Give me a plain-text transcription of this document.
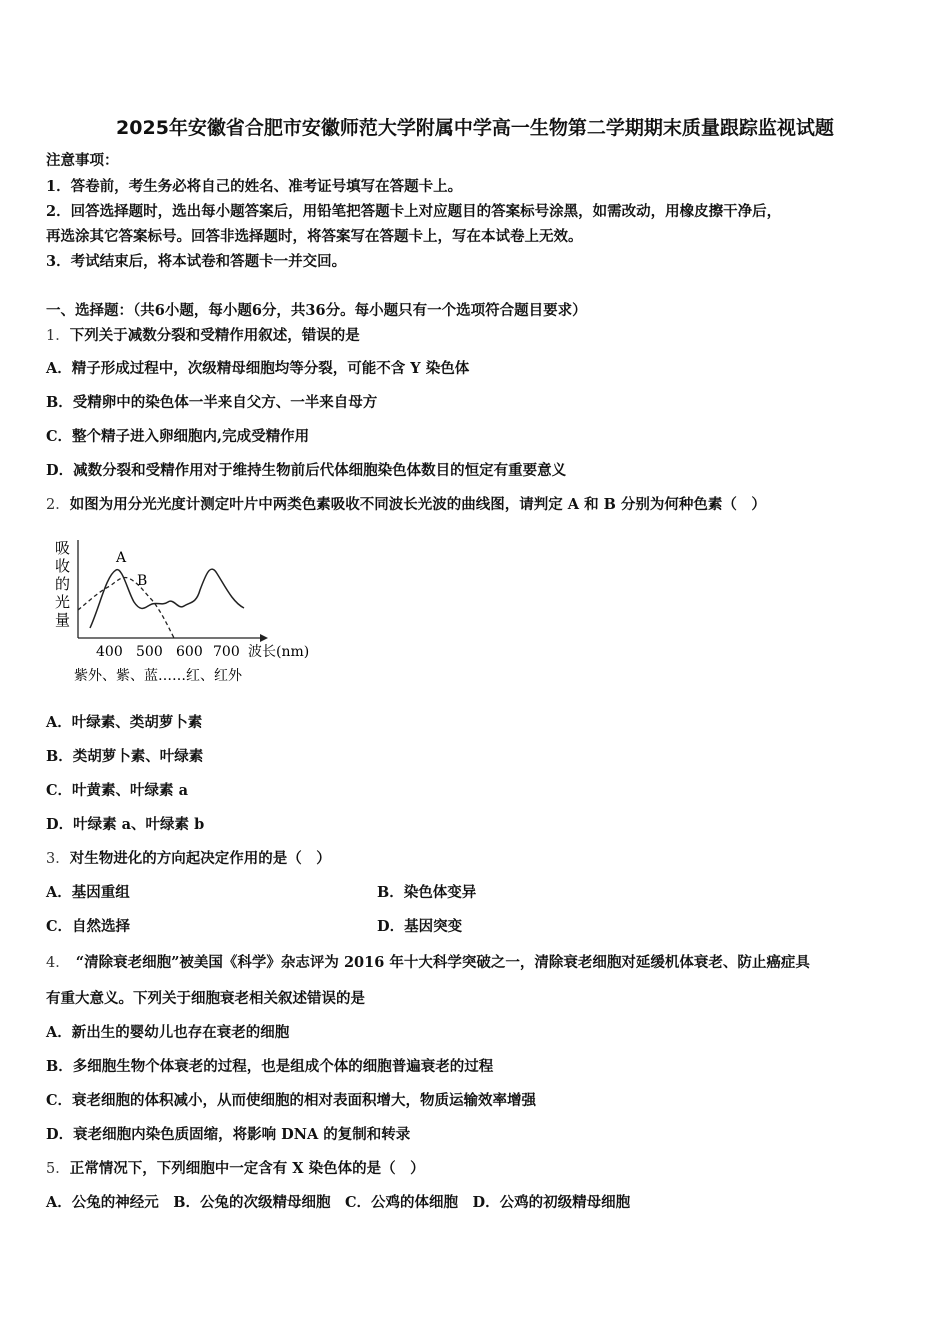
2025年安徽省合肥市安徽师范大学附属中学高一生物第二学期期末质量跟踪监视试题
注意事项：
1．答卷前，考生务必将自己的姓名、准考证号填写在答题卡上。
2．回答选择题时，选出每小题答案后，用铅笔把答题卡上对应题目的答案标号涂黑，如需改动，用橡皮擦干净后，
再选涂其它答案标号。回答非选择题时，将答案写在答题卡上，写在本试卷上无效。
3．考试结束后，将本试卷和答题卡一并交回。
一、选择题：（共6小题，每小题6分，共36分。每小题只有一个选项符合题目要求）
1．下列关于减数分裂和受精作用叙述，错误的是
A．精子形成过程中，次级精母细胞均等分裂，可能不含 Y 染色体
B．受精卵中的染色体一半来自父方、一半来自母方
C．整个精子进入卵细胞内,完成受精作用
D．减数分裂和受精作用对于维持生物前后代体细胞染色体数目的恒定有重要意义
2．如图为用分光光度计测定叶片中两类色素吸收不同波长光波的曲线图，请判定 A 和 B 分别为何种色素（　）
吸
收
的
光
量
A
B
400 500 600 700 波长(nm)
紫外、紫、蓝……红、红外
A．叶绿素、类胡萝卜素
B．类胡萝卜素、叶绿素
C．叶黄素、叶绿素 a
D．叶绿素 a、叶绿素 b
3．对生物进化的方向起决定作用的是（　）
A．基因重组	B．染色体变异
C．自然选择	D．基因突变
4． “清除衰老细胞”被美国《科学》杂志评为 2016 年十大科学突破之一，清除衰老细胞对延缓机体衰老、防止癌症具
有重大意义。下列关于细胞衰老相关叙述错误的是
A．新出生的婴幼儿也存在衰老的细胞
B．多细胞生物个体衰老的过程，也是组成个体的细胞普遍衰老的过程
C．衰老细胞的体积减小，从而使细胞的相对表面积增大，物质运输效率增强
D．衰老细胞内染色质固缩，将影响 DNA 的复制和转录
5．正常情况下，下列细胞中一定含有 X 染色体的是（　）
A．公兔的神经元　B．公兔的次级精母细胞　C．公鸡的体细胞　D．公鸡的初级精母细胞
